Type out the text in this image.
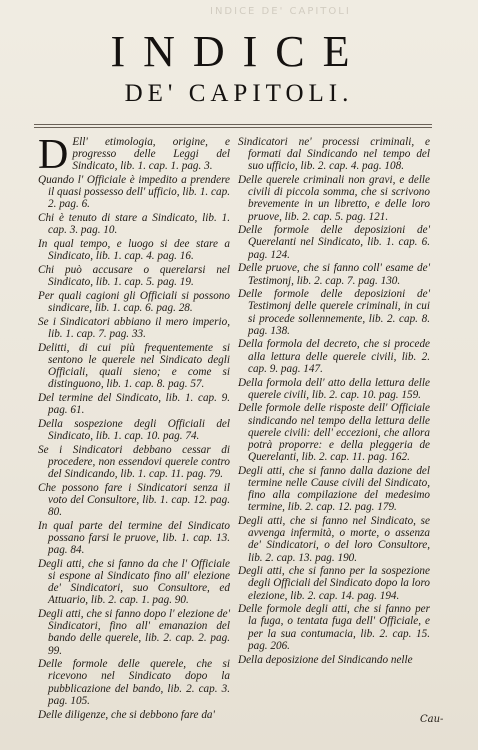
INDICE DE' CAPITOLI
INDICE
DE' CAPITOLI.
D Ell' etimologia, origine, e progresso delle Leggi del Sindicato, lib. 1. cap. 1. pag. 3.
Quando l' Officiale è impedito a prendere il quasi possesso dell' ufficio, lib. 1. cap. 2. pag. 6.
Chi è tenuto di stare a Sindicato, lib. 1. cap. 3. pag. 10.
In qual tempo, e luogo si dee stare a Sindicato, lib. 1. cap. 4. pag. 16.
Chi può accusare o querelarsi nel Sindicato, lib. 1. cap. 5. pag. 19.
Per quali cagioni gli Officiali si possono sindicare, lib. 1. cap. 6. pag. 28.
Se i Sindicatori abbiano il mero imperio, lib. 1. cap. 7. pag. 33.
Delitti, di cui più frequentemente si sentono le querele nel Sindicato degli Officiali, quali sieno; e come si distinguono, lib. 1. cap. 8. pag. 57.
Del termine del Sindicato, lib. 1. cap. 9. pag. 61.
Della sospezione degli Officiali del Sindicato, lib. 1. cap. 10. pag. 74.
Se i Sindicatori debbano cessar di procedere, non essendovi querele contro del Sindicando, lib. 1. cap. 11. pag. 79.
Che possono fare i Sindicatori senza il voto del Consultore, lib. 1. cap. 12. pag. 80.
In qual parte del termine del Sindicato possano farsi le pruove, lib. 1. cap. 13. pag. 84.
Degli atti, che si fanno da che l' Officiale si espone al Sindicato fino all' elezione de' Sindicatori, suo Consultore, ed Attuario, lib. 2. cap. 1. pag. 90.
Degli atti, che si fanno dopo l' elezione de' Sindicatori, fino all' emanazion del bando delle querele, lib. 2. cap. 2. pag. 99.
Delle formole delle querele, che si ricevono nel Sindicato dopo la pubblicazione del bando, lib. 2. cap. 3. pag. 105.
Delle diligenze, che si debbono fare da'
Sindicatori ne' processi criminali, e formati dal Sindicando nel tempo del suo ufficio, lib. 2. cap. 4. pag. 108.
Delle querele criminali non gravi, e delle civili di piccola somma, che si scrivono brevemente in un libretto, e delle loro pruove, lib. 2. cap. 5. pag. 121.
Delle formole delle deposizioni de' Querelanti nel Sindicato, lib. 1. cap. 6. pag. 124.
Delle pruove, che si fanno coll' esame de' Testimonj, lib. 2. cap. 7. pag. 130.
Delle formole delle deposizioni de' Testimonj delle querele criminali, in cui si procede sollennemente, lib. 2. cap. 8. pag. 138.
Della formola del decreto, che si procede alla lettura delle querele civili, lib. 2. cap. 9. pag. 147.
Della formola dell' atto della lettura delle querele civili, lib. 2. cap. 10. pag. 159.
Delle formole delle risposte dell' Officiale sindicando nel tempo della lettura delle querele civili: dell' eccezioni, che allora potrà proporre: e della pleggeria de Querelanti, lib. 2. cap. 11. pag. 162.
Degli atti, che si fanno dalla dazione del termine nelle Cause civili del Sindicato, fino alla compilazione del medesimo termine, lib. 2. cap. 12. pag. 179.
Degli atti, che si fanno nel Sindicato, se avvenga infermità, o morte, o assenza de' Sindicatori, o del loro Consultore, lib. 2. cap. 13. pag. 190.
Degli atti, che si fanno per la sospezione degli Officiali del Sindicato dopo la loro elezione, lib. 2. cap. 14. pag. 194.
Delle formole degli atti, che si fanno per la fuga, o tentata fuga dell' Officiale, e per la sua contumacia, lib. 2. cap. 15. pag. 206.
Della deposizione del Sindicando nelle
Cau-
